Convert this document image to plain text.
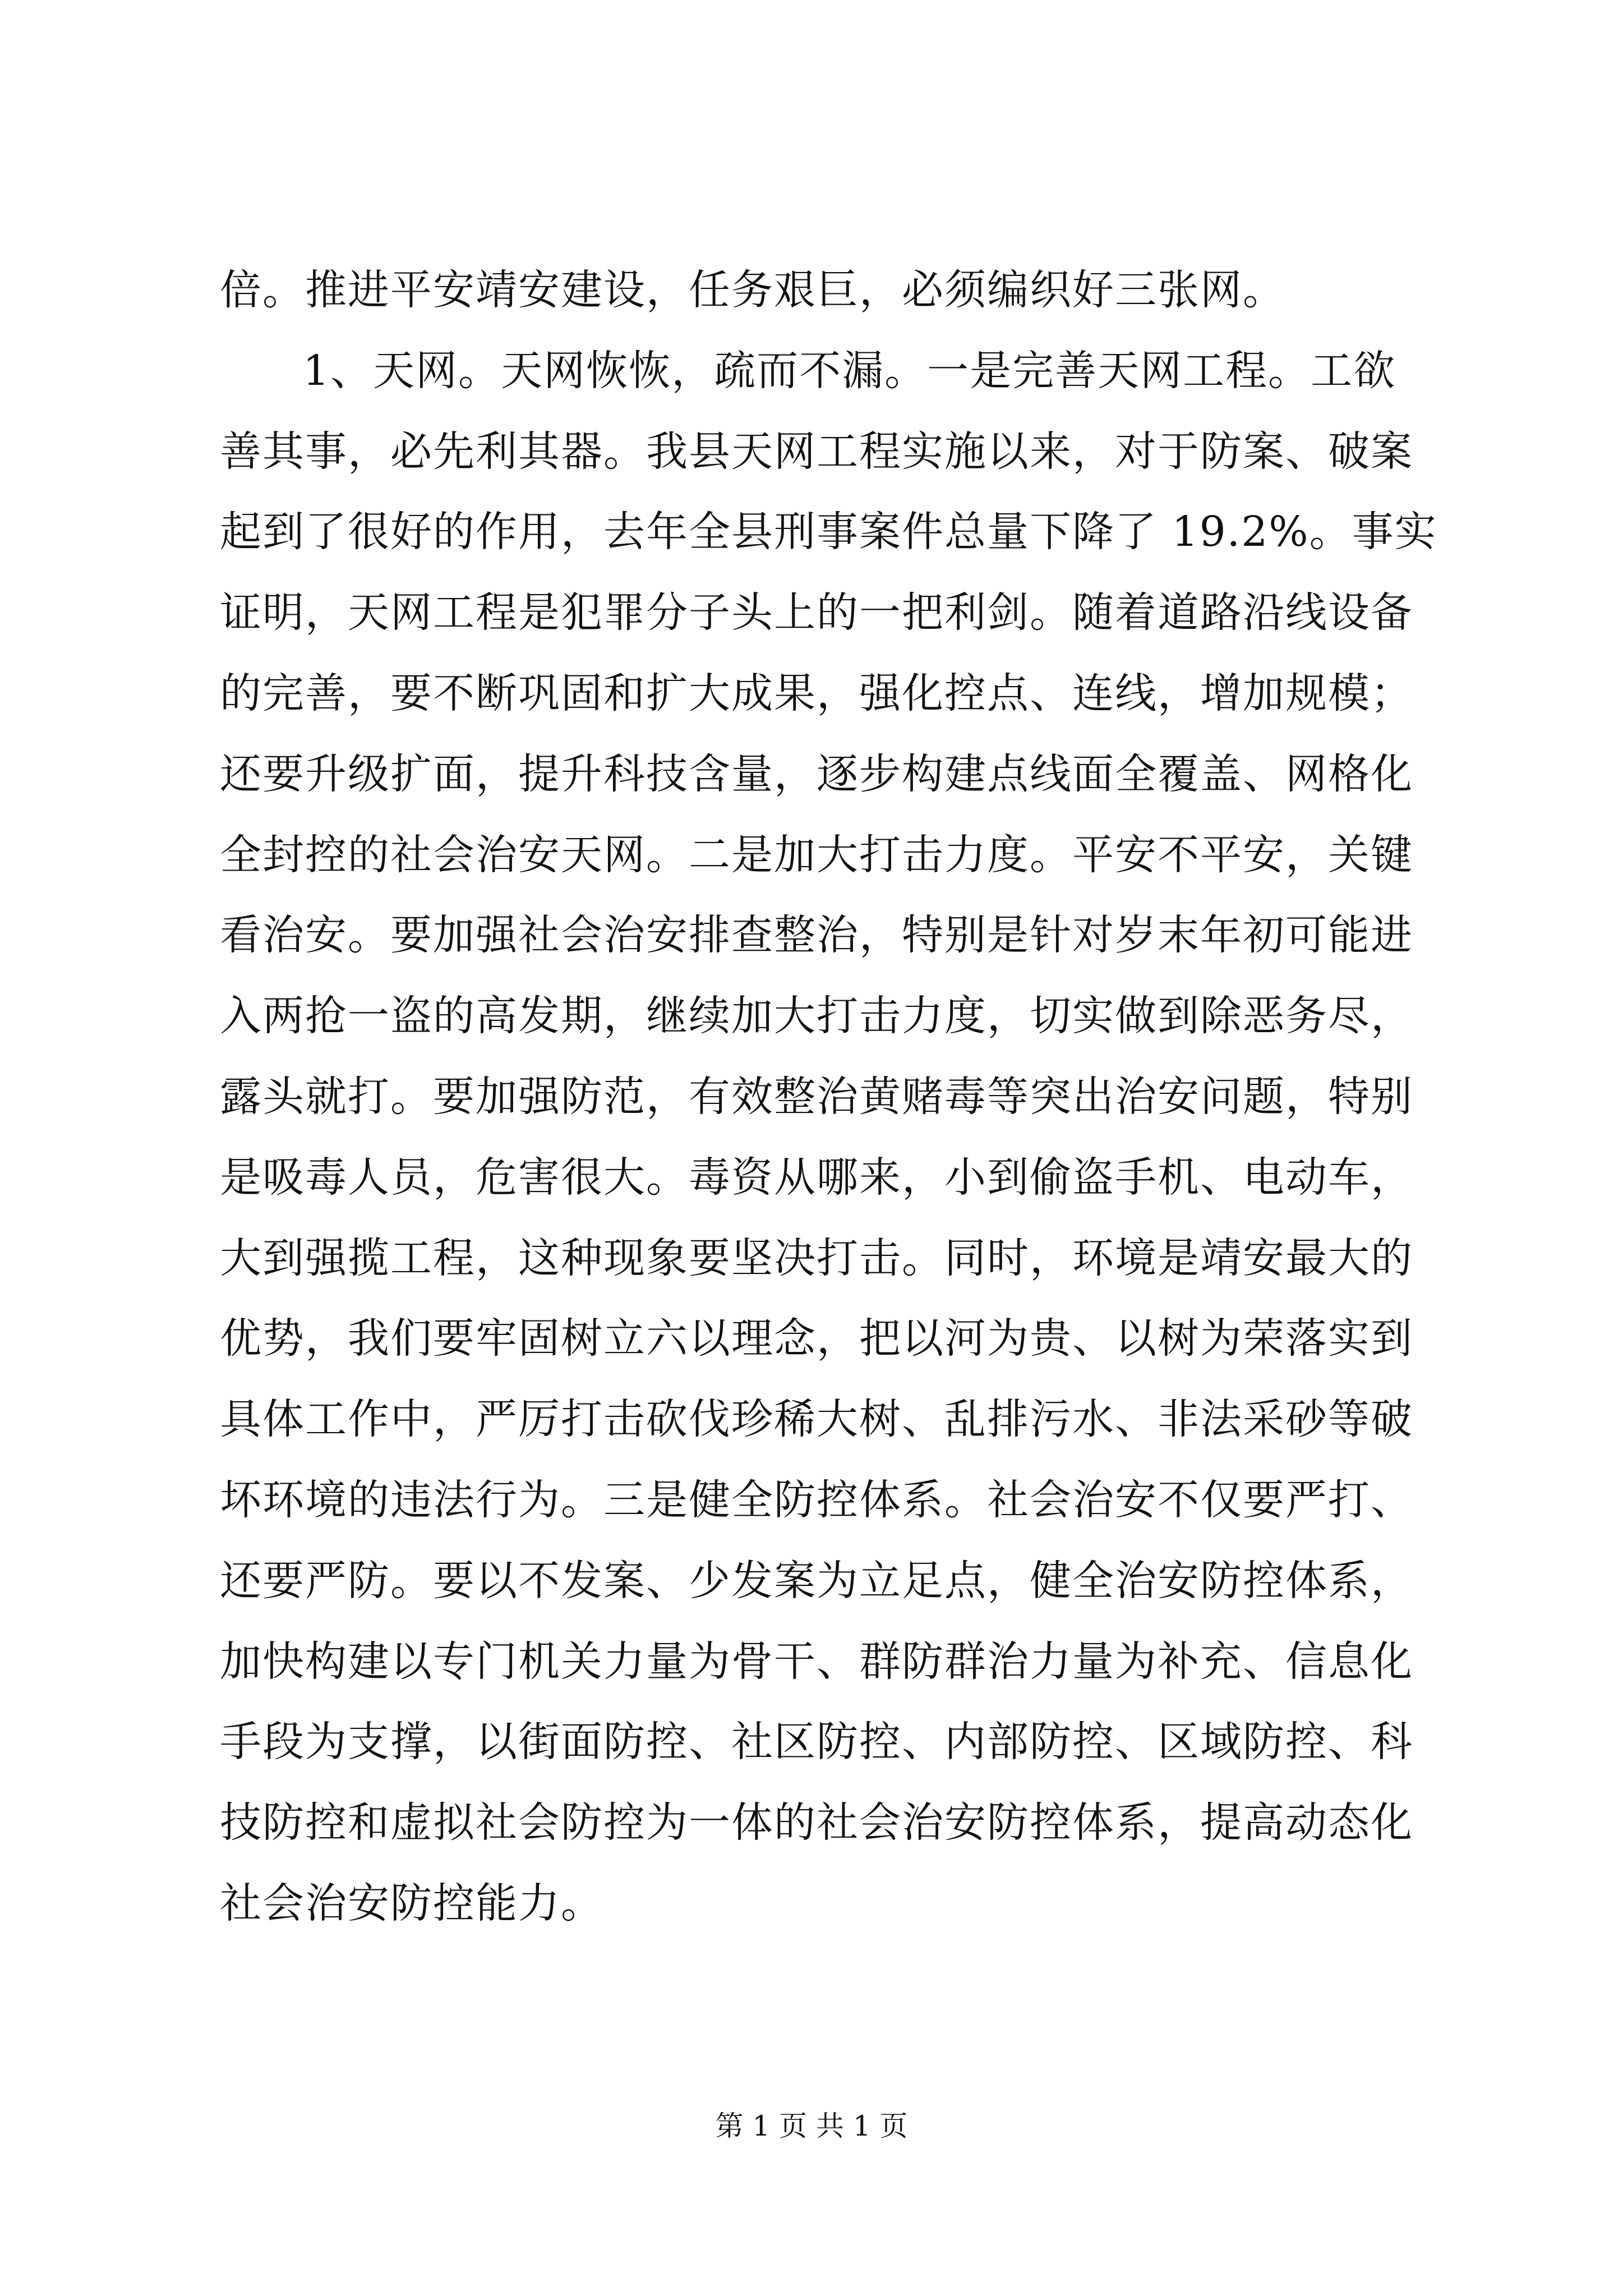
倍。推进平安靖安建设，任务艰巨，必须编织好三张网。
1、天网。天网恢恢，疏而不漏。一是完善天网工程。工欲
善其事，必先利其器。我县天网工程实施以来，对于防案、破案
起到了很好的作用，去年全县刑事案件总量下降了 19.2%。事实
证明，天网工程是犯罪分子头上的一把利剑。随着道路沿线设备
的完善，要不断巩固和扩大成果，强化控点、连线，增加规模；
还要升级扩面，提升科技含量，逐步构建点线面全覆盖、网格化
全封控的社会治安天网。二是加大打击力度。平安不平安，关键
看治安。要加强社会治安排查整治，特别是针对岁末年初可能进
入两抢一盗的高发期，继续加大打击力度，切实做到除恶务尽，
露头就打。要加强防范，有效整治黄赌毒等突出治安问题，特别
是吸毒人员，危害很大。毒资从哪来，小到偷盗手机、电动车，
大到强揽工程，这种现象要坚决打击。同时，环境是靖安最大的
优势，我们要牢固树立六以理念，把以河为贵、以树为荣落实到
具体工作中，严厉打击砍伐珍稀大树、乱排污水、非法采砂等破
坏环境的违法行为。三是健全防控体系。社会治安不仅要严打、
还要严防。要以不发案、少发案为立足点，健全治安防控体系，
加快构建以专门机关力量为骨干、群防群治力量为补充、信息化
手段为支撑，以街面防控、社区防控、内部防控、区域防控、科
技防控和虚拟社会防控为一体的社会治安防控体系，提高动态化
社会治安防控能力。
第 1 页 共 1 页
